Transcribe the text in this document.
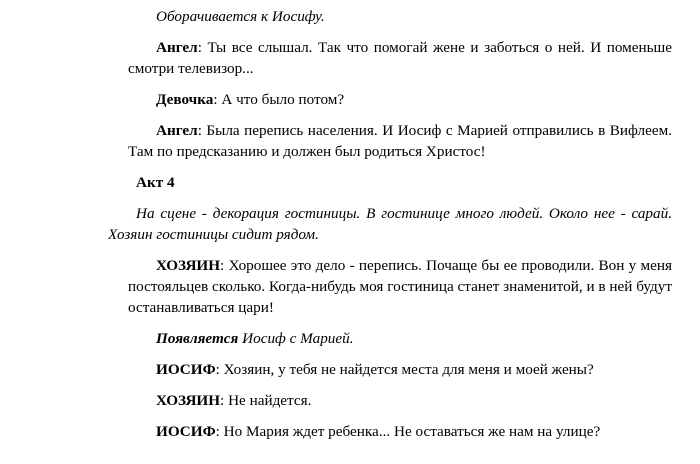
Оборачивается к Иосифу.

Ангел: Ты все слышал. Так что помогай жене и заботься о ней. И поменьше смотри телевизор...

Девочка: А что было потом?

Ангел: Была перепись населения. И Иосиф с Марией отправились в Вифлеем. Там по предсказанию и должен был родиться Христос!

Акт 4

На сцене - декорация гостиницы. В гостинице много людей. Около нее - сарай. Хозяин гостиницы сидит рядом.

ХОЗЯИН: Хорошее это дело - перепись. Почаще бы ее проводили. Вон у меня постояльцев сколько. Когда-нибудь моя гостиница станет знаменитой, и в ней будут останавливаться цари!

Появляется Иосиф с Марией.

ИОСИФ: Хозяин, у тебя не найдется места для меня и моей жены?

ХОЗЯИН: Не найдется.

ИОСИФ: Но Мария ждет ребенка... Не оставаться же нам на улице?
